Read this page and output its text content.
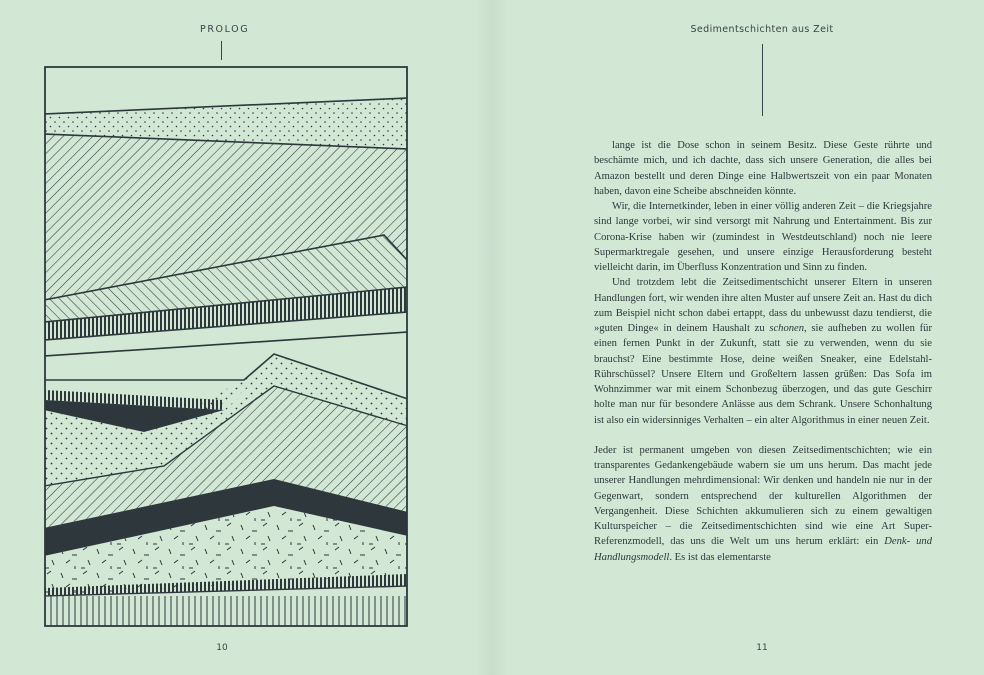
PROLOG
10
Sedimentschichten aus Zeit

lange ist die Dose schon in seinem Besitz. Diese Geste rührte und beschämte mich, und ich dachte, dass sich unsere Generation, die alles bei Amazon bestellt und deren Dinge eine Halbwertszeit von ein paar Monaten haben, davon eine Scheibe abschneiden könnte.

Wir, die Internetkinder, leben in einer völlig anderen Zeit – die Kriegsjahre sind lange vorbei, wir sind versorgt mit Nahrung und Entertainment. Bis zur Corona-Krise haben wir (zumindest in Westdeutschland) noch nie leere Supermarktregale gesehen, und unsere einzige Herausforderung besteht vielleicht darin, im Überfluss Konzentration und Sinn zu finden.

Und trotzdem lebt die Zeitsedimentschicht unserer Eltern in unseren Handlungen fort, wir wenden ihre alten Muster auf unsere Zeit an. Hast du dich zum Beispiel nicht schon dabei ertappt, dass du unbewusst dazu tendierst, die »guten Dinge« in deinem Haushalt zu schonen, sie aufheben zu wollen für einen fernen Punkt in der Zukunft, statt sie zu verwenden, wenn du sie brauchst? Eine bestimmte Hose, deine weißen Sneaker, eine Edelstahl-Rührschüssel? Unsere Eltern und Großeltern lassen grüßen: Das Sofa im Wohnzimmer war mit einem Schonbezug überzogen, und das gute Geschirr holte man nur für besondere Anlässe aus dem Schrank. Unsere Schonhaltung ist also ein widersinniges Verhalten – ein alter Algorithmus in einer neuen Zeit.

Jeder ist permanent umgeben von diesen Zeitsedimentschichten; wie ein transparentes Gedankengebäude wabern sie um uns herum. Das macht jede unserer Handlungen mehrdimensional: Wir denken und handeln nie nur in der Gegenwart, sondern entsprechend der kulturellen Algorithmen der Vergangenheit. Diese Schichten akkumulieren sich zu einem gewaltigen Kulturspeicher – die Zeitsedimentschichten sind wie eine Art Super-Referenzmodell, das uns die Welt um uns herum erklärt: ein Denk- und Handlungsmodell. Es ist das elementarste

11
